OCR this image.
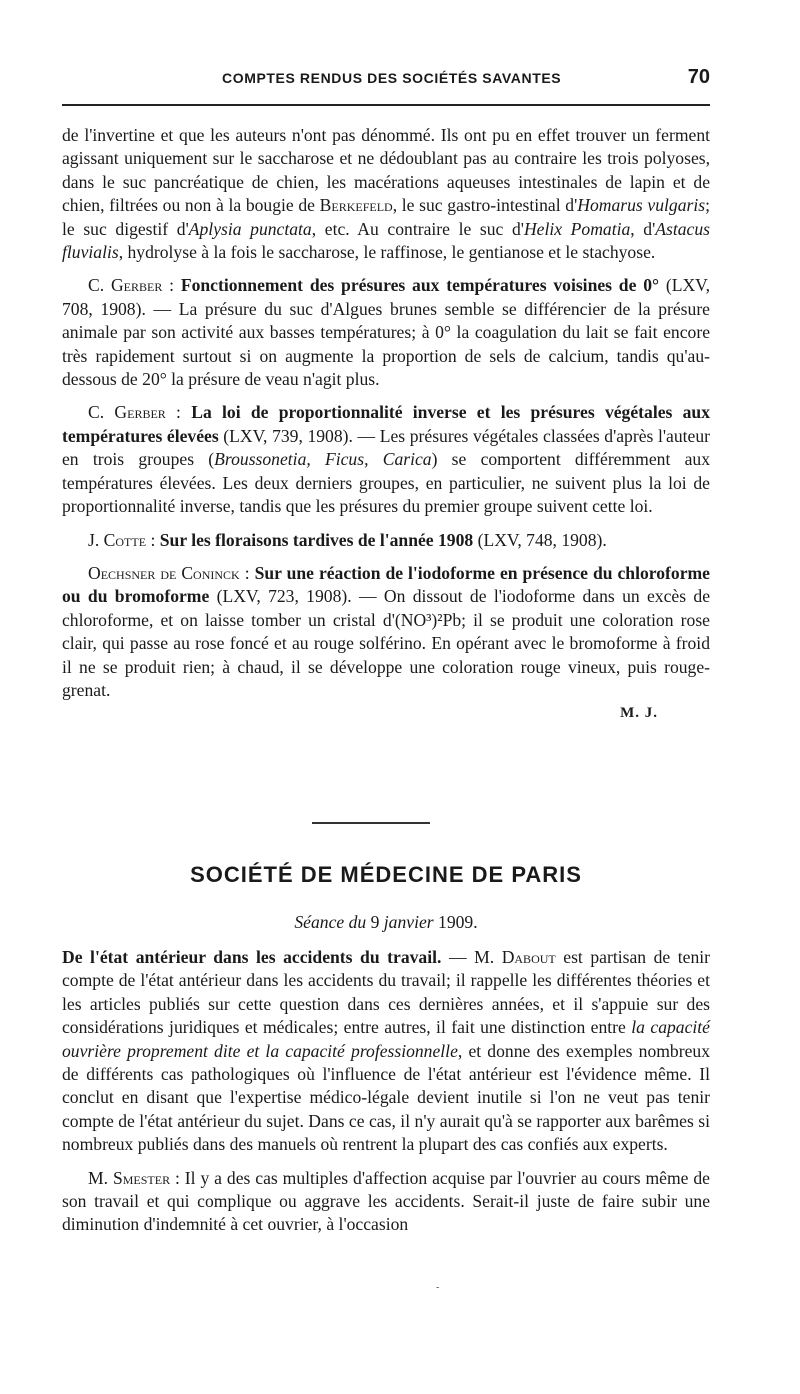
COMPTES RENDUS DES SOCIÉTÉS SAVANTES	70

de l'invertine et que les auteurs n'ont pas dénommé. Ils ont pu en effet trouver un ferment agissant uniquement sur le saccharose et ne dédoublant pas au contraire les trois polyoses, dans le suc pancréatique de chien, les macérations aqueuses intestinales de lapin et de chien, filtrées ou non à la bougie de Berkefeld, le suc gastro-intestinal d'Homarus vulgaris; le suc digestif d'Aplysia punctata, etc. Au contraire le suc d'Helix Pomatia, d'Astacus fluvialis, hydrolyse à la fois le saccharose, le raffinose, le gentianose et le stachyose.

C. Gerber : Fonctionnement des présures aux températures voisines de 0° (LXV, 708, 1908). — La présure du suc d'Algues brunes semble se différencier de la présure animale par son activité aux basses températures; à 0° la coagulation du lait se fait encore très rapidement surtout si on augmente la proportion de sels de calcium, tandis qu'au-dessous de 20° la présure de veau n'agit plus.

C. Gerber : La loi de proportionnalité inverse et les présures végétales aux températures élevées (LXV, 739, 1908). — Les présures végétales classées d'après l'auteur en trois groupes (Broussonetia, Ficus, Carica) se comportent différemment aux températures élevées. Les deux derniers groupes, en particulier, ne suivent plus la loi de proportionnalité inverse, tandis que les présures du premier groupe suivent cette loi.

J. Cotte : Sur les floraisons tardives de l'année 1908 (LXV, 748, 1908).

Oechsner de Coninck : Sur une réaction de l'iodoforme en présence du chloroforme ou du bromoforme (LXV, 723, 1908). — On dissout de l'iodoforme dans un excès de chloroforme, et on laisse tomber un cristal d'(NO³)²Pb; il se produit une coloration rose clair, qui passe au rose foncé et au rouge solférino. En opérant avec le bromoforme à froid il ne se produit rien; à chaud, il se développe une coloration rouge vineux, puis rouge-grenat.

M. J.

SOCIÉTÉ DE MÉDECINE DE PARIS
Séance du 9 janvier 1909.

De l'état antérieur dans les accidents du travail. — M. Dabout est partisan de tenir compte de l'état antérieur dans les accidents du travail; il rappelle les différentes théories et les articles publiés sur cette question dans ces dernières années, et il s'appuie sur des considérations juridiques et médicales; entre autres, il fait une distinction entre la capacité ouvrière proprement dite et la capacité professionnelle, et donne des exemples nombreux de différents cas pathologiques où l'influence de l'état antérieur est l'évidence même. Il conclut en disant que l'expertise médico-légale devient inutile si l'on ne veut pas tenir compte de l'état antérieur du sujet. Dans ce cas, il n'y aurait qu'à se rapporter aux barêmes si nombreux publiés dans des manuels où rentrent la plupart des cas confiés aux experts.

M. Smester : Il y a des cas multiples d'affection acquise par l'ouvrier au cours même de son travail et qui complique ou aggrave les accidents. Serait-il juste de faire subir une diminution d'indemnité à cet ouvrier, à l'occasion

-
